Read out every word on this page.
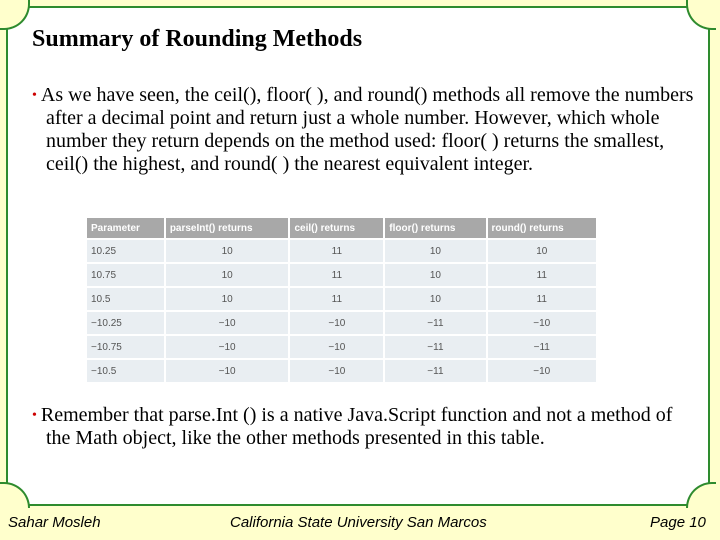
Summary of Rounding Methods
• As we have seen, the ceil(), floor( ), and round() methods all remove the numbers after a decimal point and return just a whole number. However, which whole number they return depends on the method used: floor( ) returns the smallest, ceil() the highest, and round( ) the nearest equivalent integer.
Parameter	parseInt() returns	ceil() returns	floor() returns	round() returns
10.25	10	11	10	10
10.75	10	11	10	11
10.5	10	11	10	11
−10.25	−10	−10	−11	−10
−10.75	−10	−10	−11	−11
−10.5	−10	−10	−11	−10
• Remember that parse.Int () is a native Java.Script function and not a method of the Math object, like the other methods presented in this table.
Sahar Mosleh	California State University San Marcos	Page 10
